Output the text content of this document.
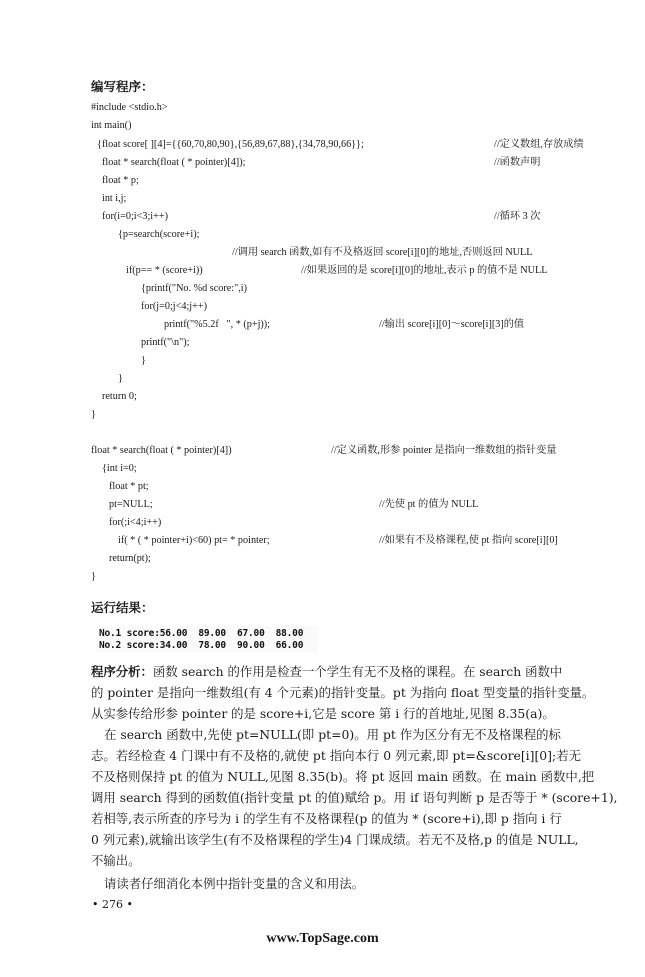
编写程序：
#include <stdio.h>
int main()
{float score[ ][4]={{60,70,80,90},{56,89,67,88},{34,78,90,66}};
float * search(float ( * pointer)[4]);
float * p;
int i,j;
for(i=0;i<3;i++)
{p=search(score+i);
if(p== * (score+i))
{printf("No. %d score:",i)
for(j=0;j<4;j++)
printf("%5.2f   ", * (p+j));
printf("\n");
}
}
return 0;
}
//定义数组,存放成绩
//函数声明
//循环 3 次
//调用 search 函数,如有不及格返回 score[i][0]的地址,否则返回 NULL
//如果返回的是 score[i][0]的地址,表示 p 的值不是 NULL
//输出 score[i][0]～score[i][3]的值
float * search(float ( * pointer)[4])
{int i=0;
float * pt;
pt=NULL;
for(;i<4;i++)
if( * ( * pointer+i)<60) pt= * pointer;
return(pt);
}
//定义函数,形参 pointer 是指向一维数组的指针变量
//先使 pt 的值为 NULL
//如果有不及格课程,使 pt 指向 score[i][0]
运行结果：
No.1 score:56.00  89.00  67.00  88.00
No.2 score:34.00  78.00  90.00  66.00
程序分析：函数 search 的作用是检查一个学生有无不及格的课程。在 search 函数中
的 pointer 是指向一维数组(有 4 个元素)的指针变量。pt 为指向 float 型变量的指针变量。
从实参传给形参 pointer 的是 score+i,它是 score 第 i 行的首地址,见图 8.35(a)。
在 search 函数中,先使 pt=NULL(即 pt=0)。用 pt 作为区分有无不及格课程的标
志。若经检查 4 门课中有不及格的,就使 pt 指向本行 0 列元素,即 pt=&score[i][0];若无
不及格则保持 pt 的值为 NULL,见图 8.35(b)。将 pt 返回 main 函数。在 main 函数中,把
调用 search 得到的函数值(指针变量 pt 的值)赋给 p。用 if 语句判断 p 是否等于 * (score+1),
若相等,表示所查的序号为 i 的学生有不及格课程(p 的值为 * (score+i),即 p 指向 i 行
0 列元素),就输出该学生(有不及格课程的学生)4 门课成绩。若无不及格,p 的值是 NULL,
不输出。
请读者仔细消化本例中指针变量的含义和用法。
• 276 •
www.TopSage.com
